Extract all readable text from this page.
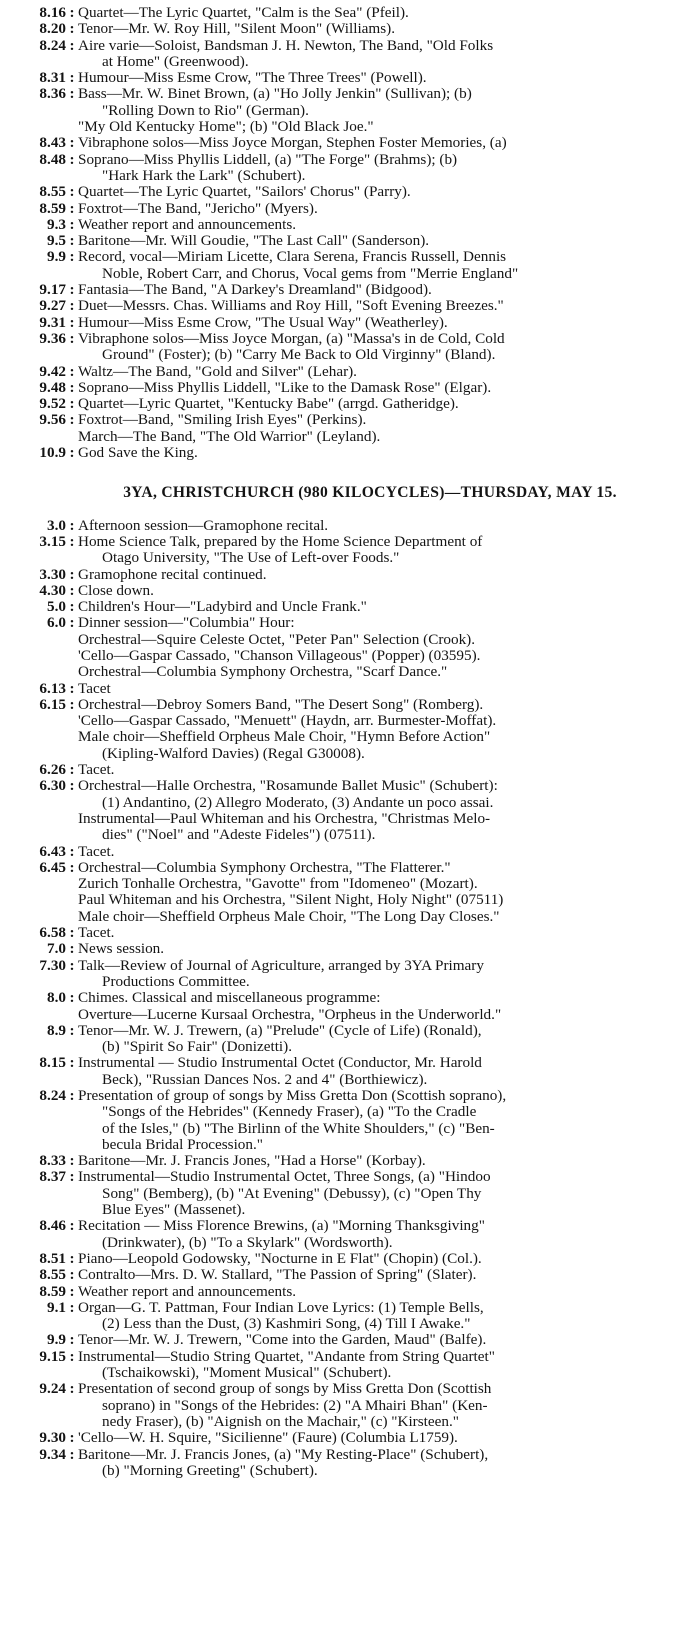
8.16 : Quartet—The Lyric Quartet, "Calm is the Sea" (Pfeil).
8.20 : Tenor—Mr. W. Roy Hill, "Silent Moon" (Williams).
8.24 : Aire varie—Soloist, Bandsman J. H. Newton, The Band, "Old Folks
at Home" (Greenwood).
8.31 : Humour—Miss Esme Crow, "The Three Trees" (Powell).
8.36 : Bass—Mr. W. Binet Brown, (a) "Ho Jolly Jenkin" (Sullivan); (b)
"Rolling Down to Rio" (German).
"My Old Kentucky Home"; (b) "Old Black Joe."
8.43 : Vibraphone solos—Miss Joyce Morgan, Stephen Foster Memories, (a)
8.48 : Soprano—Miss Phyllis Liddell, (a) "The Forge" (Brahms); (b)
"Hark Hark the Lark" (Schubert).
8.55 : Quartet—The Lyric Quartet, "Sailors' Chorus" (Parry).
8.59 : Foxtrot—The Band, "Jericho" (Myers).
9.3 : Weather report and announcements.
9.5 : Baritone—Mr. Will Goudie, "The Last Call" (Sanderson).
9.9 : Record, vocal—Miriam Licette, Clara Serena, Francis Russell, Dennis
Noble, Robert Carr, and Chorus, Vocal gems from "Merrie England"
9.17 : Fantasia—The Band, "A Darkey's Dreamland" (Bidgood).
9.27 : Duet—Messrs. Chas. Williams and Roy Hill, "Soft Evening Breezes."
9.31 : Humour—Miss Esme Crow, "The Usual Way" (Weatherley).
9.36 : Vibraphone solos—Miss Joyce Morgan, (a) "Massa's in de Cold, Cold
Ground" (Foster); (b) "Carry Me Back to Old Virginny" (Bland).
9.42 : Waltz—The Band, "Gold and Silver" (Lehar).
9.48 : Soprano—Miss Phyllis Liddell, "Like to the Damask Rose" (Elgar).
9.52 : Quartet—Lyric Quartet, "Kentucky Babe" (arrgd. Gatheridge).
9.56 : Foxtrot—Band, "Smiling Irish Eyes" (Perkins).
March—The Band, "The Old Warrior" (Leyland).
10.9 : God Save the King.
3YA, CHRISTCHURCH (980 KILOCYCLES)—THURSDAY, MAY 15.
3.0 : Afternoon session—Gramophone recital.
3.15 : Home Science Talk, prepared by the Home Science Department of
Otago University, "The Use of Left-over Foods."
3.30 : Gramophone recital continued.
4.30 : Close down.
5.0 : Children's Hour—"Ladybird and Uncle Frank."
6.0 : Dinner session—"Columbia" Hour:
Orchestral—Squire Celeste Octet, "Peter Pan" Selection (Crook).
'Cello—Gaspar Cassado, "Chanson Villageous" (Popper) (03595).
Orchestral—Columbia Symphony Orchestra, "Scarf Dance."
6.13 : Tacet
6.15 : Orchestral—Debroy Somers Band, "The Desert Song" (Romberg).
'Cello—Gaspar Cassado, "Menuett" (Haydn, arr. Burmester-Moffat).
Male choir—Sheffield Orpheus Male Choir, "Hymn Before Action"
(Kipling-Walford Davies) (Regal G30008).
6.26 : Tacet.
6.30 : Orchestral—Halle Orchestra, "Rosamunde Ballet Music" (Schubert):
(1) Andantino, (2) Allegro Moderato, (3) Andante un poco assai.
Instrumental—Paul Whiteman and his Orchestra, "Christmas Melo-
dies" ("Noel" and "Adeste Fideles") (07511).
6.43 : Tacet.
6.45 : Orchestral—Columbia Symphony Orchestra, "The Flatterer."
Zurich Tonhalle Orchestra, "Gavotte" from "Idomeneo" (Mozart).
Paul Whiteman and his Orchestra, "Silent Night, Holy Night" (07511)
Male choir—Sheffield Orpheus Male Choir, "The Long Day Closes."
6.58 : Tacet.
7.0 : News session.
7.30 : Talk—Review of Journal of Agriculture, arranged by 3YA Primary
Productions Committee.
8.0 : Chimes. Classical and miscellaneous programme:
Overture—Lucerne Kursaal Orchestra, "Orpheus in the Underworld."
8.9 : Tenor—Mr. W. J. Trewern, (a) "Prelude" (Cycle of Life) (Ronald),
(b) "Spirit So Fair" (Donizetti).
8.15 : Instrumental — Studio Instrumental Octet (Conductor, Mr. Harold
Beck), "Russian Dances Nos. 2 and 4" (Borthiewicz).
8.24 : Presentation of group of songs by Miss Gretta Don (Scottish soprano),
"Songs of the Hebrides" (Kennedy Fraser), (a) "To the Cradle
of the Isles," (b) "The Birlinn of the White Shoulders," (c) "Ben-
becula Bridal Procession."
8.33 : Baritone—Mr. J. Francis Jones, "Had a Horse" (Korbay).
8.37 : Instrumental—Studio Instrumental Octet, Three Songs, (a) "Hindoo
Song" (Bemberg), (b) "At Evening" (Debussy), (c) "Open Thy
Blue Eyes" (Massenet).
8.46 : Recitation — Miss Florence Brewins, (a) "Morning Thanksgiving"
(Drinkwater), (b) "To a Skylark" (Wordsworth).
8.51 : Piano—Leopold Godowsky, "Nocturne in E Flat" (Chopin) (Col.).
8.55 : Contralto—Mrs. D. W. Stallard, "The Passion of Spring" (Slater).
8.59 : Weather report and announcements.
9.1 : Organ—G. T. Pattman, Four Indian Love Lyrics: (1) Temple Bells,
(2) Less than the Dust, (3) Kashmiri Song, (4) Till I Awake."
9.9 : Tenor—Mr. W. J. Trewern, "Come into the Garden, Maud" (Balfe).
9.15 : Instrumental—Studio String Quartet, "Andante from String Quartet"
(Tschaikowski), "Moment Musical" (Schubert).
9.24 : Presentation of second group of songs by Miss Gretta Don (Scottish
soprano) in "Songs of the Hebrides: (2) "A Mhairi Bhan" (Ken-
nedy Fraser), (b) "Aignish on the Machair," (c) "Kirsteen."
9.30 : 'Cello—W. H. Squire, "Sicilienne" (Faure) (Columbia L1759).
9.34 : Baritone—Mr. J. Francis Jones, (a) "My Resting-Place" (Schubert),
(b) "Morning Greeting" (Schubert).
